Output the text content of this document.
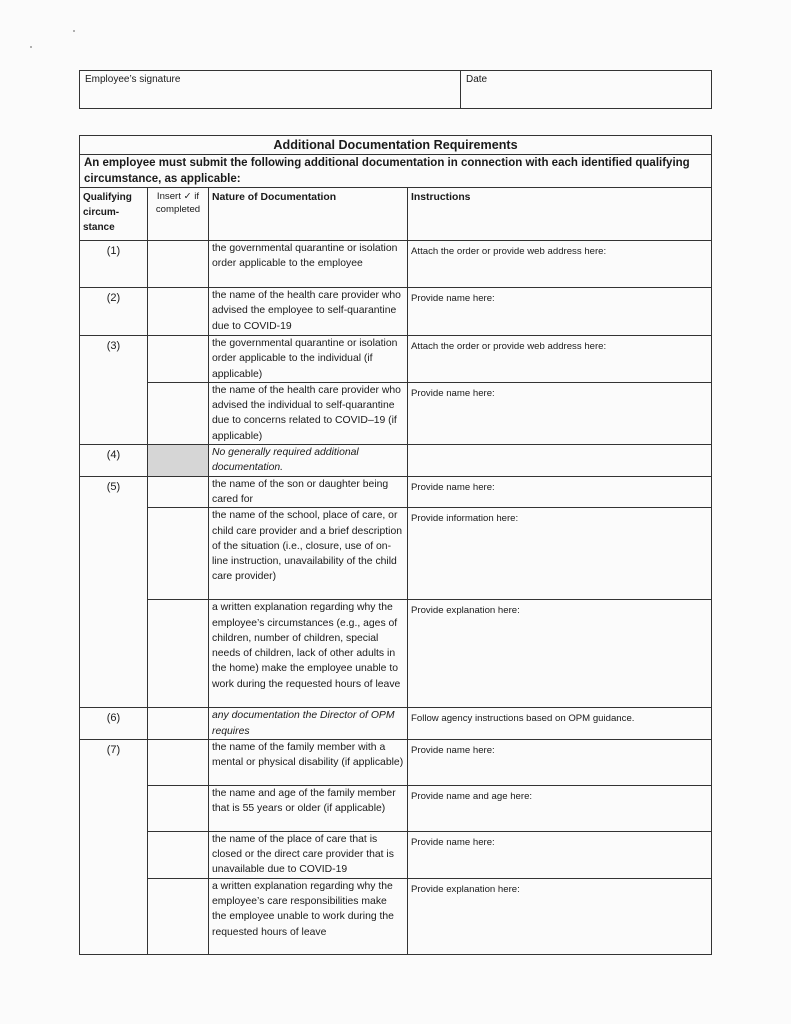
Employee’s signature	Date
Additional Documentation Requirements			
An employee must submit the following additional documentation in connection with each identified qualifying circumstance, as applicable:			
Qualifying circum-stance	Insert ✓ if completed	Nature of Documentation	Instructions
(1)		the governmental quarantine or isolation order applicable to the employee	Attach the order or provide web address here:
(2)		the name of the health care provider who advised the employee to self-quarantine due to COVID-19	Provide name here:
(3)		the governmental quarantine or isolation order applicable to the individual (if applicable)	Attach the order or provide web address here:
		the name of the health care provider who advised the individual to self-quarantine due to concerns related to COVID–19 (if applicable)	Provide name here:
(4)		No generally required additional documentation.	
(5)		the name of the son or daughter being cared for	Provide name here:
		the name of the school, place of care, or child care provider and a brief description of the situation (i.e., closure, use of on-line instruction, unavailability of the child care provider)	Provide information here:
		a written explanation regarding why the employee’s circumstances (e.g., ages of children, number of children, special needs of children, lack of other adults in the home) make the employee unable to work during the requested hours of leave	Provide explanation here:
(6)		any documentation the Director of OPM requires	Follow agency instructions based on OPM guidance.
(7)		the name of the family member with a mental or physical disability (if applicable)	Provide name here:
		the name and age of the family member that is 55 years or older (if applicable)	Provide name and age here:
		the name of the place of care that is closed or the direct care provider that is unavailable due to COVID-19	Provide name here:
		a written explanation regarding why the employee’s care responsibilities make the employee unable to work during the requested hours of leave	Provide explanation here:
